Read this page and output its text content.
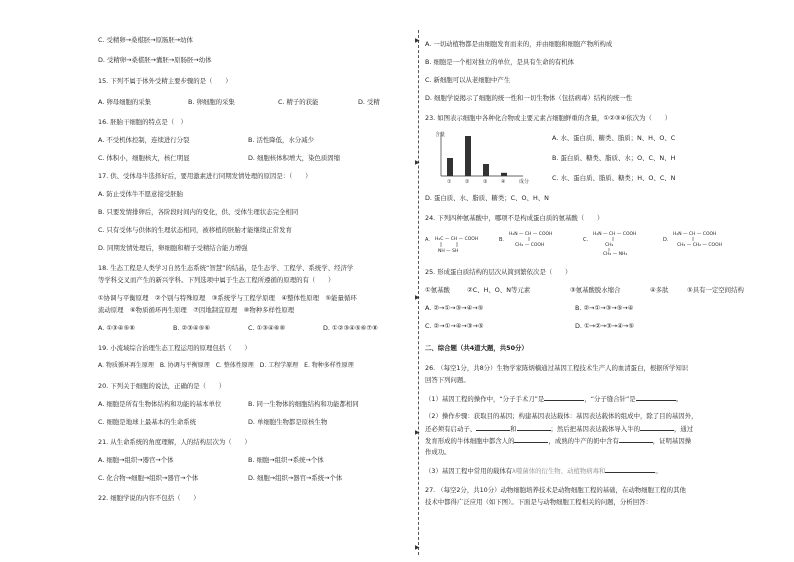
C. 受精卵→桑椹胚→原肠胚→幼体
D. 受精卵→桑椹胚→囊胚→原肠胚→幼体
15. 下列不属于体外受精主要步骤的是（　　）
A. 卵母细胞的采集	B. 卵细胞的采集	C. 精子的获能	D. 受精
16. 胚胎干细胞的特点是（　）
A. 不受机体控制，连续进行分裂	B. 活性降低，水分减少
C. 体积小，细胞核大，核仁明显	D. 细胞核体积增大，染色质固缩
17. 供、受体母牛选择好后，要用激素进行同期发情处理的原因是：（　　）
A. 防止受体牛不愿意接受胚胎
B. 只要发情排卵后，各阶段时间内的变化，供、受体生理状态完全相同
C. 只有受体与供体的生理状态相同，被移植的胚胎才能继续正常发育
D. 同期发情处理后，卵细胞和精子受精结合能力增强
18. 生态工程是人类学习自然生态系统“智慧”的结晶，是生态学、工程学、系统学、经济学
等学科交叉而产生的新兴学科。下列选项中属于生态工程所遵循的原理的有（　　）
①协调与平衡原理　②个别与特殊原理　③系统学与工程学原理　④整体性原理　⑤能量循环
流动原理　⑥物质循环再生原理　⑦因地制宜原理　⑧物种多样性原理
A. ①③④⑤⑧	B. ②③④⑤⑥	C. ①③④⑥⑧	D. ①②③④⑤⑥⑦⑧
19. 小流域综合治理生态工程运用的原理包括（　　）
A. 物质循环再生原理　B. 协调与平衡原理　C. 整体性原理　D. 工程学原理　E. 物种多样性原理
20. 下列关于细胞的说法，正确的是（　　）
A. 细胞是所有生物体结构和功能的基本单位	B. 同一生物体的细胞结构和功能都相同
C. 细胞是地球上最基本的生命系统	D. 单细胞生物都是原核生物
21. 从生命系统的角度理解，人的结构层次为（　　）
A. 细胞→组织→器官→个体	B. 细胞→组织→系统→个体
C. 化合物→细胞→组织→器官→个体	D. 细胞→组织→器官→系统→个体
22. 细胞学说的内容不包括（　　）
▶
▶
▶
▶
▶
A. 一切动植物都是由细胞发育而来的，并由细胞和细胞产物所构成
B. 细胞是一个相对独立的单位，是具有生命的有机体
C. 新细胞可以从老细胞中产生
D. 细胞学说揭示了细胞的统一性和一切生物体（包括病毒）结构的统一性
23. 如图表示细胞中各种化合物或主要元素占细胞鲜重的含量，①②③④依次为（　　）
含量
成分
①	②	③	④
A. 水、蛋白质、糖类、脂质；N、H、O、C
B. 蛋白质、糖类、脂质、水；O、C、N、H
C. 水、蛋白质、脂质、糖类；H、O、C、N
D. 蛋白质、水、脂质、糖类；C、O、H、N
24. 下列四种氨基酸中，哪项不是构成蛋白质的氨基酸（　　）
A. H₂C — CH — COOH
NH — SH
B.
H₂N — CH — COOH
CH₂ — COOH
C.
H₂N — CH — COOH
CH₂
CH₂ — NH₂
D.
H₂N — CH — COOH
CH₂ — CH₂ — COOH
25. 形成蛋白质结构的层次从简到繁依次是（　　）
①氨基酸	②C、H、O、N等元素	③氨基酸脱水缩合	④多肽	⑤具有一定空间结构
A. ②→①→③→④→⑤	B. ②→①→③→⑤→④
C. ②→①→④→③→⑤	D. ①→②→③→④→⑤
二、综合题（共4道大题，共50分）
26. （每空1分，共8分）生物学家陈炳楠通过基因工程技术生产人的血清蛋白，根据所学知识
回答下列问题。
（1）基因工程的操作中，“分子手术刀”是	，“分子缝合针”是	。
（2）操作步骤：获取目的基因；构建基因表达载体：基因表达载体的组成中，除了目的基因外，
还必须有启动子、	和	；然后把基因表达载体导入牛的	，通过
发育形成的牛体细胞中都含人的	，成熟的牛产的奶中含有	，证明基因操
作成功。
（3）基因工程中常用的载体有λ噬菌体的衍生物、动植物病毒和	。
27. （每空2分，共10分）动物细胞培养技术是动物细胞工程的基础，在动物细胞工程的其他
技术中都得广泛应用（如下图）。下面是与动物细胞工程相关的问题，分析回答：
